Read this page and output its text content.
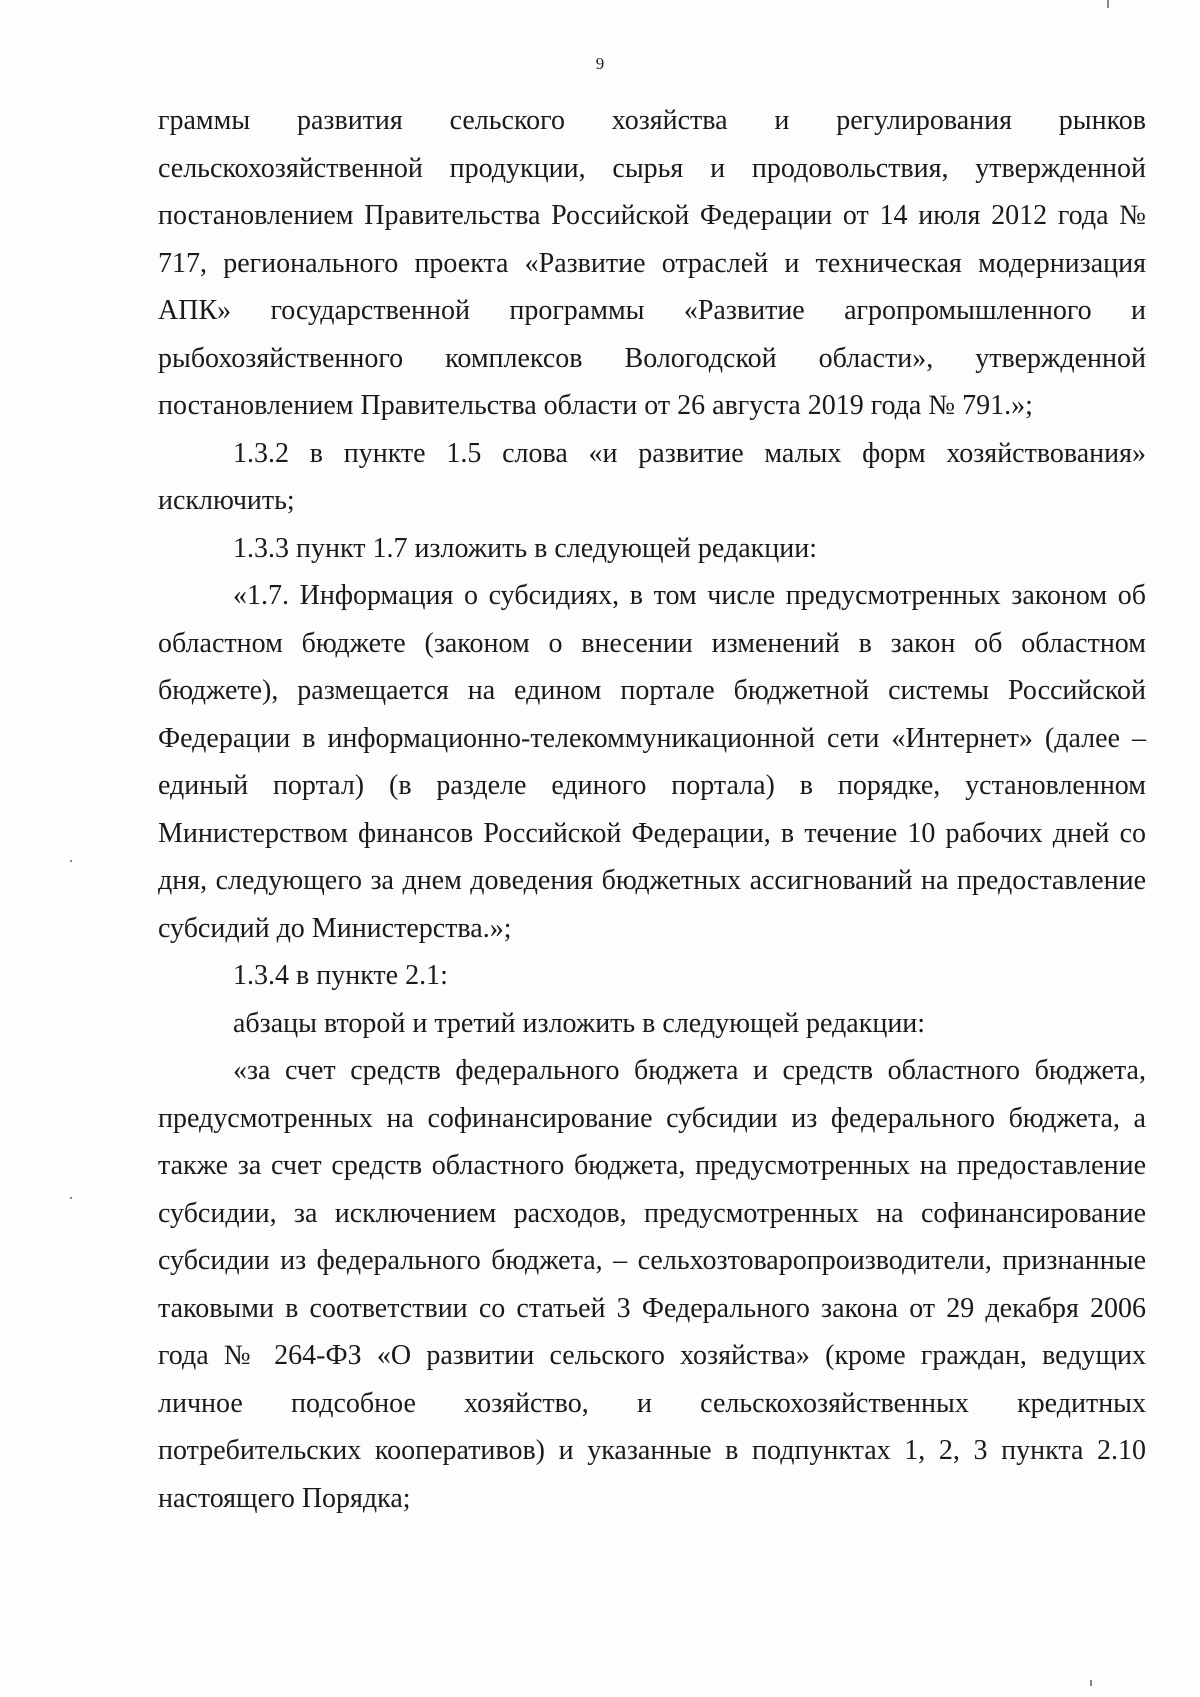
9

граммы развития сельского хозяйства и регулирования рынков сельскохозяйственной продукции, сырья и продовольствия, утвержденной постановлением Правительства Российской Федерации от 14 июля 2012 года № 717, регионального проекта «Развитие отраслей и техническая модернизация АПК» государственной программы «Развитие агропромышленного и рыбохозяйственного комплексов Вологодской области», утвержденной постановлением Правительства области от 26 августа 2019 года № 791.»;

1.3.2 в пункте 1.5 слова «и развитие малых форм хозяйствования» исключить;

1.3.3 пункт 1.7 изложить в следующей редакции:

«1.7. Информация о субсидиях, в том числе предусмотренных законом об областном бюджете (законом о внесении изменений в закон об областном бюджете), размещается на едином портале бюджетной системы Российской Федерации в информационно-телекоммуникационной сети «Интернет» (далее – единый портал) (в разделе единого портала) в порядке, установленном Министерством финансов Российской Федерации, в течение 10 рабочих дней со дня, следующего за днем доведения бюджетных ассигнований на предоставление субсидий до Министерства.»;

1.3.4 в пункте 2.1:

абзацы второй и третий изложить в следующей редакции:

«за счет средств федерального бюджета и средств областного бюджета, предусмотренных на софинансирование субсидии из федерального бюджета, а также за счет средств областного бюджета, предусмотренных на предоставление субсидии, за исключением расходов, предусмотренных на софинансирование субсидии из федерального бюджета, – сельхозтоваропроизводители, признанные таковыми в соответствии со статьей 3 Федерального закона от 29 декабря 2006 года № 264-ФЗ «О развитии сельского хозяйства» (кроме граждан, ведущих личное подсобное хозяйство, и сельскохозяйственных кредитных потребительских кооперативов) и указанные в подпунктах 1, 2, 3 пункта 2.10 настоящего Порядка;
